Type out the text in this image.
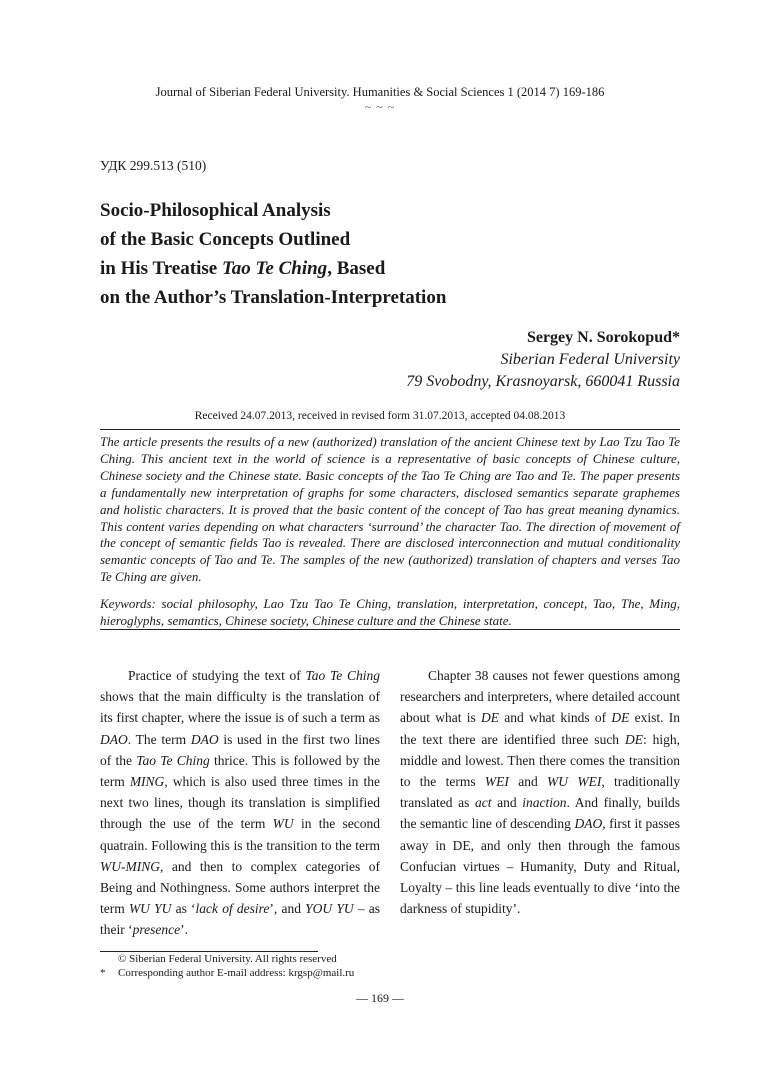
Journal of Siberian Federal University. Humanities & Social Sciences 1 (2014 7) 169-186
~ ~ ~
УДК 299.513 (510)
Socio-Philosophical Analysis
of the Basic Concepts Outlined
in His Treatise Tao Te Ching, Based
on the Author’s Translation-Interpretation
Sergey N. Sorokopud*
Siberian Federal University
79 Svobodny, Krasnoyarsk, 660041 Russia
Received 24.07.2013, received in revised form 31.07.2013, accepted 04.08.2013
The article presents the results of a new (authorized) translation of the ancient Chinese text by Lao Tzu Tao Te Ching. This ancient text in the world of science is a representative of basic concepts of Chinese culture, Chinese society and the Chinese state. Basic concepts of the Tao Te Ching are Tao and Te. The paper presents a fundamentally new interpretation of graphs for some characters, disclosed semantics separate graphemes and holistic characters. It is proved that the basic content of the concept of Tao has great meaning dynamics. This content varies depending on what characters ‘surround’ the character Tao. The direction of movement of the concept of semantic fields Tao is revealed. There are disclosed interconnection and mutual conditionality semantic concepts of Tao and Te. The samples of the new (authorized) translation of chapters and verses Tao Te Ching are given.
Keywords: social philosophy, Lao Tzu Tao Te Ching, translation, interpretation, concept, Tao, The, Ming, hieroglyphs, semantics, Chinese society, Chinese culture and the Chinese state.

Practice of studying the text of Tao Te Ching shows that the main difficulty is the translation of its first chapter, where the issue is of such a term as DAO. The term DAO is used in the first two lines of the Tao Te Ching thrice. This is followed by the term MING, which is also used three times in the next two lines, though its translation is simplified through the use of the term WU in the second quatrain. Following this is the transition to the term WU-MING, and then to complex categories of Being and Nothingness. Some authors interpret the term WU YU as ‘lack of desire’, and YOU YU – as their ‘presence’.

Chapter 38 causes not fewer questions among researchers and interpreters, where detailed account about what is DE and what kinds of DE exist. In the text there are identified three such DE: high, middle and lowest. Then there comes the transition to the terms WEI and WU WEI, traditionally translated as act and inaction. And finally, builds the semantic line of descending DAO, first it passes away in DE, and only then through the famous Confucian virtues – Humanity, Duty and Ritual, Loyalty – this line leads eventually to dive ‘into the darkness of stupidity’.

© Siberian Federal University. All rights reserved
* Corresponding author E-mail address: krgsp@mail.ru
— 169 —
